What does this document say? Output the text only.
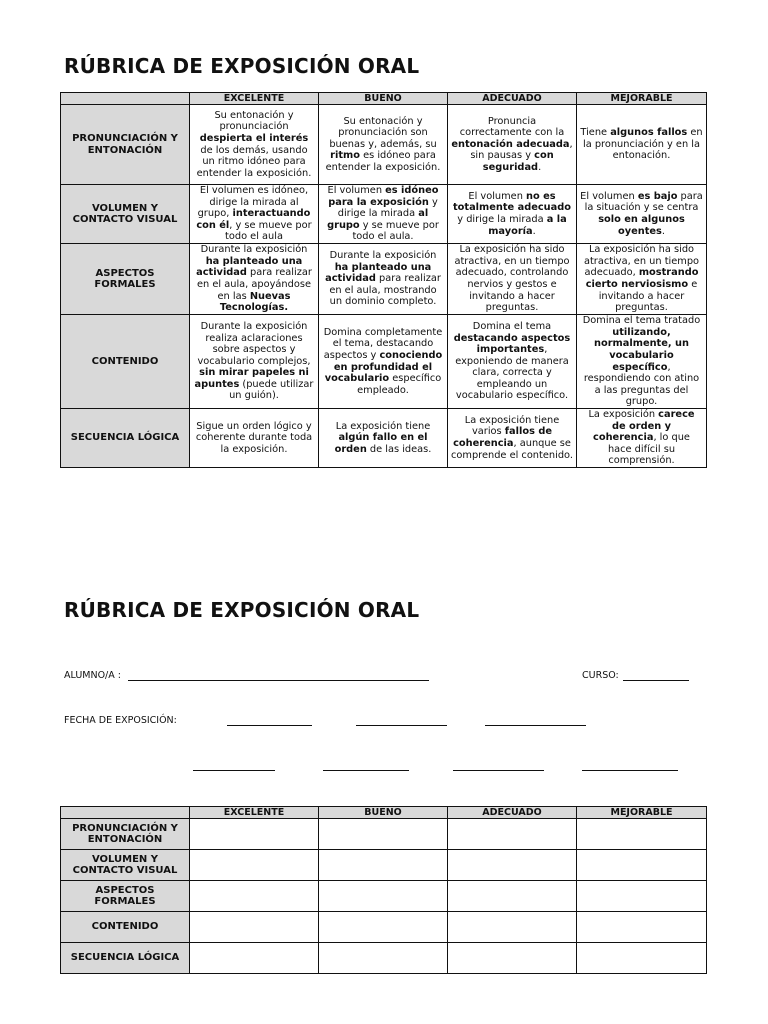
RÚBRICA DE EXPOSICIÓN ORAL
	EXCELENTE	BUENO	ADECUADO	MEJORABLE
PRONUNCIACIÓN Y ENTONACIÓN	Su entonación y pronunciación despierta el interés de los demás, usando un ritmo idóneo para entender la exposición.	Su entonación y pronunciación son buenas y, además, su ritmo es idóneo para entender la exposición.	Pronuncia correctamente con la entonación adecuada, sin pausas y con seguridad.	Tiene algunos fallos en la pronunciación y en la entonación.
VOLUMEN Y CONTACTO VISUAL	El volumen es idóneo, dirige la mirada al grupo, interactuando con él, y se mueve por todo el aula	El volumen es idóneo para la exposición y dirige la mirada al grupo y se mueve por todo el aula.	El volumen no es totalmente adecuado y dirige la mirada a la mayoría.	El volumen es bajo para la situación y se centra solo en algunos oyentes.
ASPECTOS FORMALES	Durante la exposición ha planteado una actividad para realizar en el aula, apoyándose en las Nuevas Tecnologías.	Durante la exposición ha planteado una actividad para realizar en el aula, mostrando un dominio completo.	La exposición ha sido atractiva, en un tiempo adecuado, controlando nervios y gestos e invitando a hacer preguntas.	La exposición ha sido atractiva, en un tiempo adecuado, mostrando cierto nerviosismo e invitando a hacer preguntas.
CONTENIDO	Durante la exposición realiza aclaraciones sobre aspectos y vocabulario complejos, sin mirar papeles ni apuntes (puede utilizar un guión).	Domina completamente el tema, destacando aspectos y conociendo en profundidad el vocabulario específico empleado.	Domina el tema destacando aspectos importantes, exponiendo de manera clara, correcta y empleando un vocabulario específico.	Domina el tema tratado utilizando, normalmente, un vocabulario específico, respondiendo con atino a las preguntas del grupo.
SECUENCIA LÓGICA	Sigue un orden lógico y coherente durante toda la exposición.	La exposición tiene algún fallo en el orden de las ideas.	La exposición tiene varios fallos de coherencia, aunque se comprende el contenido.	La exposición carece de orden y coherencia, lo que hace difícil su comprensión.
RÚBRICA DE EXPOSICIÓN ORAL
ALUMNO/A :	CURSO:
FECHA DE EXPOSICIÓN:
	EXCELENTE	BUENO	ADECUADO	MEJORABLE
PRONUNCIACIÓN Y ENTONACIÓN				
VOLUMEN Y CONTACTO VISUAL				
ASPECTOS FORMALES				
CONTENIDO				
SECUENCIA LÓGICA				
